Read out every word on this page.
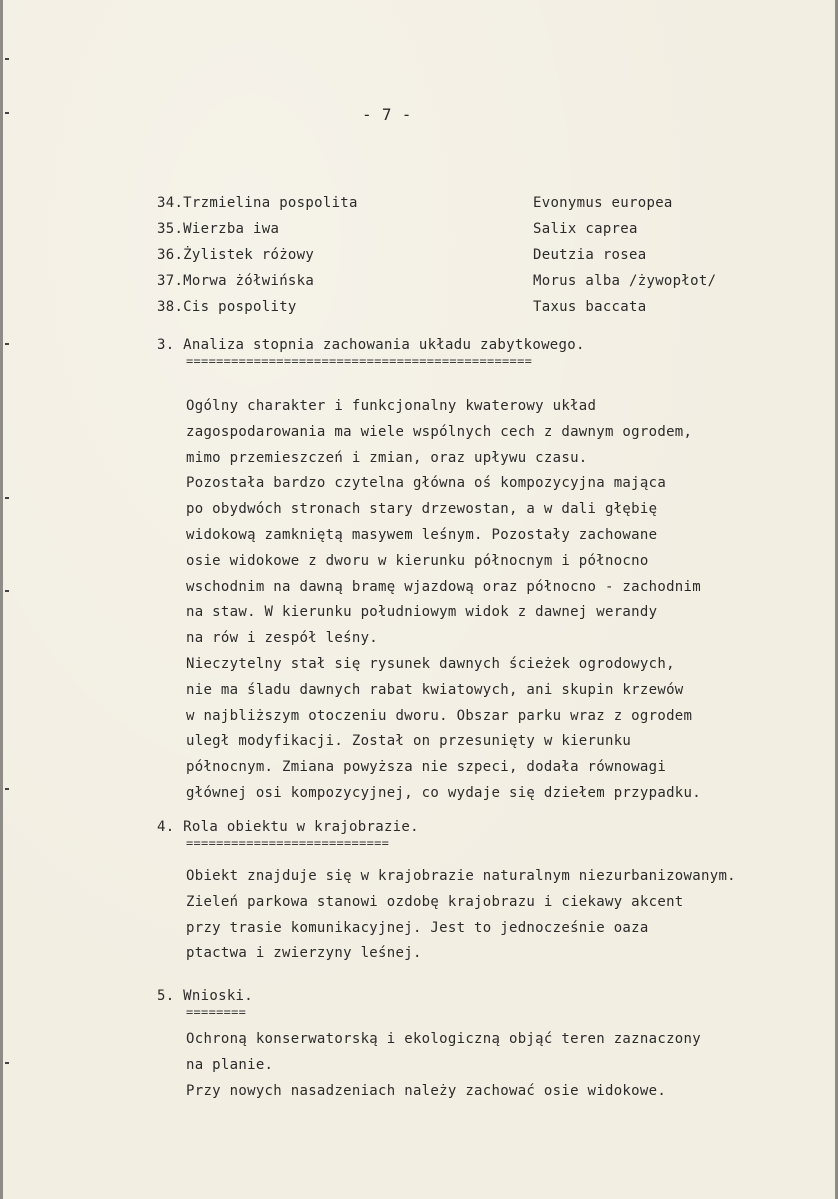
- 7 -
34.Trzmielina pospolita	Evonymus europea
35.Wierzba iwa	Salix caprea
36.Żylistek różowy	Deutzia rosea
37.Morwa żółwińska	Morus alba /żywopłot/
38.Cis pospolity	Taxus baccata
3. Analiza stopnia zachowania układu zabytkowego.
==============================================
Ogólny charakter i funkcjonalny kwaterowy układ
zagospodarowania ma wiele wspólnych cech z dawnym ogrodem,
mimo przemieszczeń i zmian, oraz upływu czasu.
Pozostała bardzo czytelna główna oś kompozycyjna mająca
po obydwóch stronach stary drzewostan, a w dali głębię
widokową zamkniętą masywem leśnym. Pozostały zachowane
osie widokowe z dworu w kierunku północnym i północno
wschodnim na dawną bramę wjazdową oraz północno - zachodnim
na staw. W kierunku południowym widok z dawnej werandy
na rów i zespół leśny.
Nieczytelny stał się rysunek dawnych ścieżek ogrodowych,
nie ma śladu dawnych rabat kwiatowych, ani skupin krzewów
w najbliższym otoczeniu dworu. Obszar parku wraz z ogrodem
uległ modyfikacji. Został on przesunięty w kierunku
północnym. Zmiana powyższa nie szpeci, dodała równowagi
głównej osi kompozycyjnej, co wydaje się dziełem przypadku.
4. Rola obiektu w krajobrazie.
===========================
Obiekt znajduje się w krajobrazie naturalnym niezurbanizowanym.
Zieleń parkowa stanowi ozdobę krajobrazu i ciekawy akcent
przy trasie komunikacyjnej. Jest to jednocześnie oaza
ptactwa i zwierzyny leśnej.
5. Wnioski.
========
Ochroną konserwatorską i ekologiczną objąć teren zaznaczony
na planie.
Przy nowych nasadzeniach należy zachować osie widokowe.
